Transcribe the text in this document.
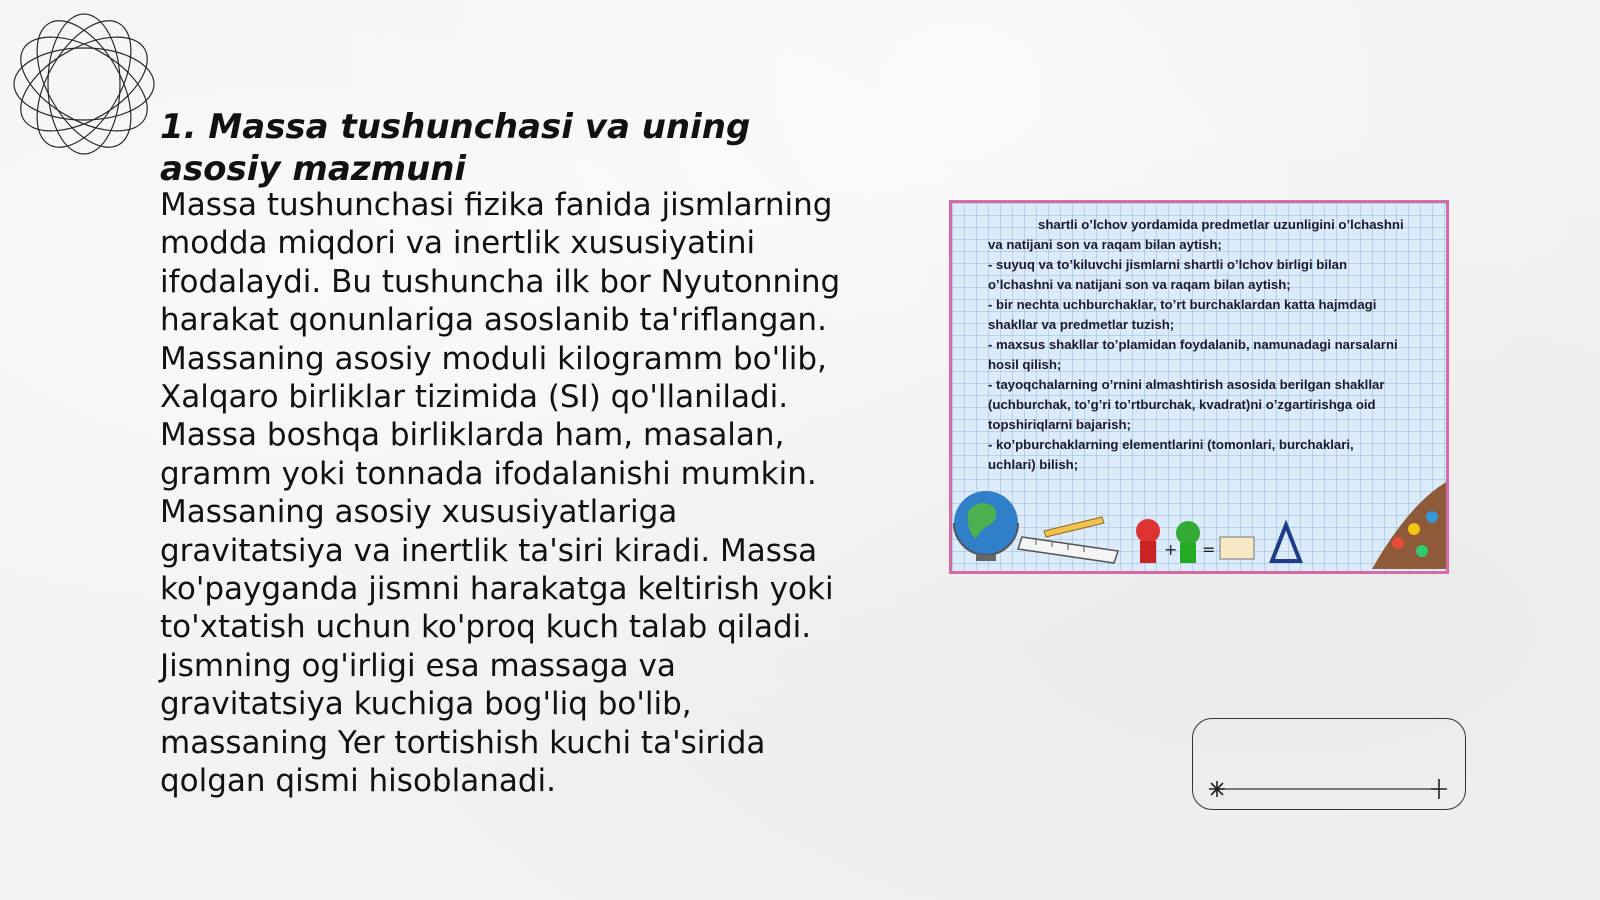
1. Massa tushunchasi va uning asosiy mazmuni

Massa tushunchasi fizika fanida jismlarning modda miqdori va inertlik xususiyatini ifodalaydi. Bu tushuncha ilk bor Nyutonning harakat qonunlariga asoslanib ta'riflangan. Massaning asosiy moduli kilogramm bo'lib, Xalqaro birliklar tizimida (SI) qo'llaniladi. Massa boshqa birliklarda ham, masalan, gramm yoki tonnada ifodalanishi mumkin. Massaning asosiy xususiyatlariga gravitatsiya va inertlik ta'siri kiradi. Massa ko'payganda jismni harakatga keltirish yoki to'xtatish uchun ko'proq kuch talab qiladi. Jismning og'irligi esa massaga va gravitatsiya kuchiga bog'liq bo'lib, massaning Yer tortishish kuchi ta'sirida qolgan qismi hisoblanadi.

shartli o’lchov yordamida predmetlar uzunligini o’lchashni
va natijani son va raqam bilan aytish;
- suyuq va to’kiluvchi jismlarni shartli o’lchov birligi bilan
o’lchashni va natijani son va raqam bilan aytish;
- bir nechta uchburchaklar, to’rt burchaklardan katta hajmdagi
shakllar va predmetlar tuzish;
- maxsus shakllar to’plamidan foydalanib, namunadagi narsalarni
hosil qilish;
- tayoqchalarning o’rnini almashtirish asosida berilgan shakllar
(uchburchak, to’g’ri to’rtburchak, kvadrat)ni o’zgartirishga oid
topshiriqlarni bajarish;
- ko’pburchaklarning elementlarini (tomonlari, burchaklari,
uchlari) bilish;
+ =
